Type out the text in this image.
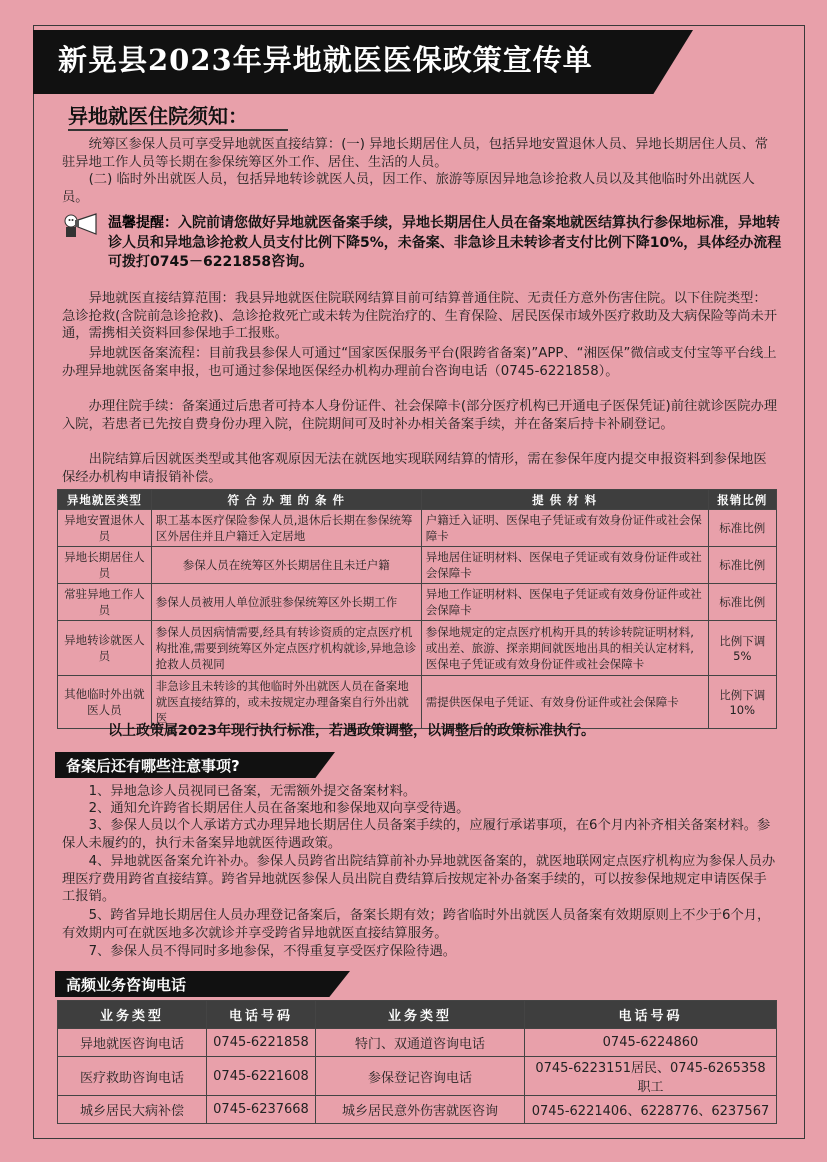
新晃县2023年异地就医医保政策宣传单
异地就医住院须知：

统筹区参保人员可享受异地就医直接结算：(一) 异地长期居住人员，包括异地安置退休人员、异地长期居住人员、常驻异地工作人员等长期在参保统筹区外工作、居住、生活的人员。

(二) 临时外出就医人员，包括异地转诊就医人员，因工作、旅游等原因异地急诊抢救人员以及其他临时外出就医人员。

温馨提醒：入院前请您做好异地就医备案手续，异地长期居住人员在备案地就医结算执行参保地标准，异地转诊人员和异地急诊抢救人员支付比例下降5%，未备案、非急诊且未转诊者支付比例下降10%，具体经办流程可拨打0745－6221858咨询。

异地就医直接结算范围：我县异地就医住院联网结算目前可结算普通住院、无责任方意外伤害住院。以下住院类型：急诊抢救(含院前急诊抢救)、急诊抢救死亡或未转为住院治疗的、生育保险、居民医保市域外医疗救助及大病保险等尚未开通，需携相关资料回参保地手工报账。

异地就医备案流程：目前我县参保人可通过“国家医保服务平台(限跨省备案)”APP、“湘医保”微信或支付宝等平台线上办理异地就医备案申报，也可通过参保地医保经办机构办理前台咨询电话（0745-6221858）。

办理住院手续：备案通过后患者可持本人身份证件、社会保障卡(部分医疗机构已开通电子医保凭证)前往就诊医院办理入院，若患者已先按自费身份办理入院，住院期间可及时补办相关备案手续，并在备案后持卡补刷登记。

出院结算后因就医类型或其他客观原因无法在就医地实现联网结算的情形，需在参保年度内提交申报资料到参保地医保经办机构申请报销补偿。

异地就医类型	符 合 办 理 的 条 件	提 供 材 料	报销比例
异地安置退休人员	职工基本医疗保险参保人员,退休后长期在参保统筹区外居住并且户籍迁入定居地	户籍迁入证明、医保电子凭证或有效身份证件或社会保障卡	标准比例
异地长期居住人员	参保人员在统筹区外长期居住且未迁户籍	异地居住证明材料、医保电子凭证或有效身份证件或社会保障卡	标准比例
常驻异地工作人员	参保人员被用人单位派驻参保统筹区外长期工作	异地工作证明材料、医保电子凭证或有效身份证件或社会保障卡	标准比例
异地转诊就医人员	参保人员因病情需要,经具有转诊资质的定点医疗机构批准,需要到统筹区外定点医疗机构就诊,异地急诊抢救人员视同	参保地规定的定点医疗机构开具的转诊转院证明材料,或出差、旅游、探亲期间就医地出具的相关认定材料,医保电子凭证或有效身份证件或社会保障卡	比例下调5%
其他临时外出就医人员	非急诊且未转诊的其他临时外出就医人员在备案地就医直接结算的，或未按规定办理备案自行外出就医	需提供医保电子凭证、有效身份证件或社会保障卡	比例下调10%
以上政策属2023年现行执行标准，若遇政策调整，以调整后的政策标准执行。
备案后还有哪些注意事项?

1、异地急诊人员视同已备案，无需额外提交备案材料。

2、通知允许跨省长期居住人员在备案地和参保地双向享受待遇。

3、参保人员以个人承诺方式办理异地长期居住人员备案手续的，应履行承诺事项，在6个月内补齐相关备案材料。参保人未履约的，执行未备案异地就医待遇政策。

4、异地就医备案允许补办。参保人员跨省出院结算前补办异地就医备案的，就医地联网定点医疗机构应为参保人员办理医疗费用跨省直接结算。跨省异地就医参保人员出院自费结算后按规定补办备案手续的，可以按参保地规定申请医保手工报销。

5、跨省异地长期居住人员办理登记备案后，备案长期有效；跨省临时外出就医人员备案有效期原则上不少于6个月，有效期内可在就医地多次就诊并享受跨省异地就医直接结算服务。

7、参保人员不得同时多地参保，不得重复享受医疗保险待遇。

高频业务咨询电话
业务类型	电话号码	业务类型	电话号码
异地就医咨询电话	0745-6221858	特门、双通道咨询电话	0745-6224860
医疗救助咨询电话	0745-6221608	参保登记咨询电话	0745-6223151居民、0745-6265358职工
城乡居民大病补偿	0745-6237668	城乡居民意外伤害就医咨询	0745-6221406、6228776、6237567
